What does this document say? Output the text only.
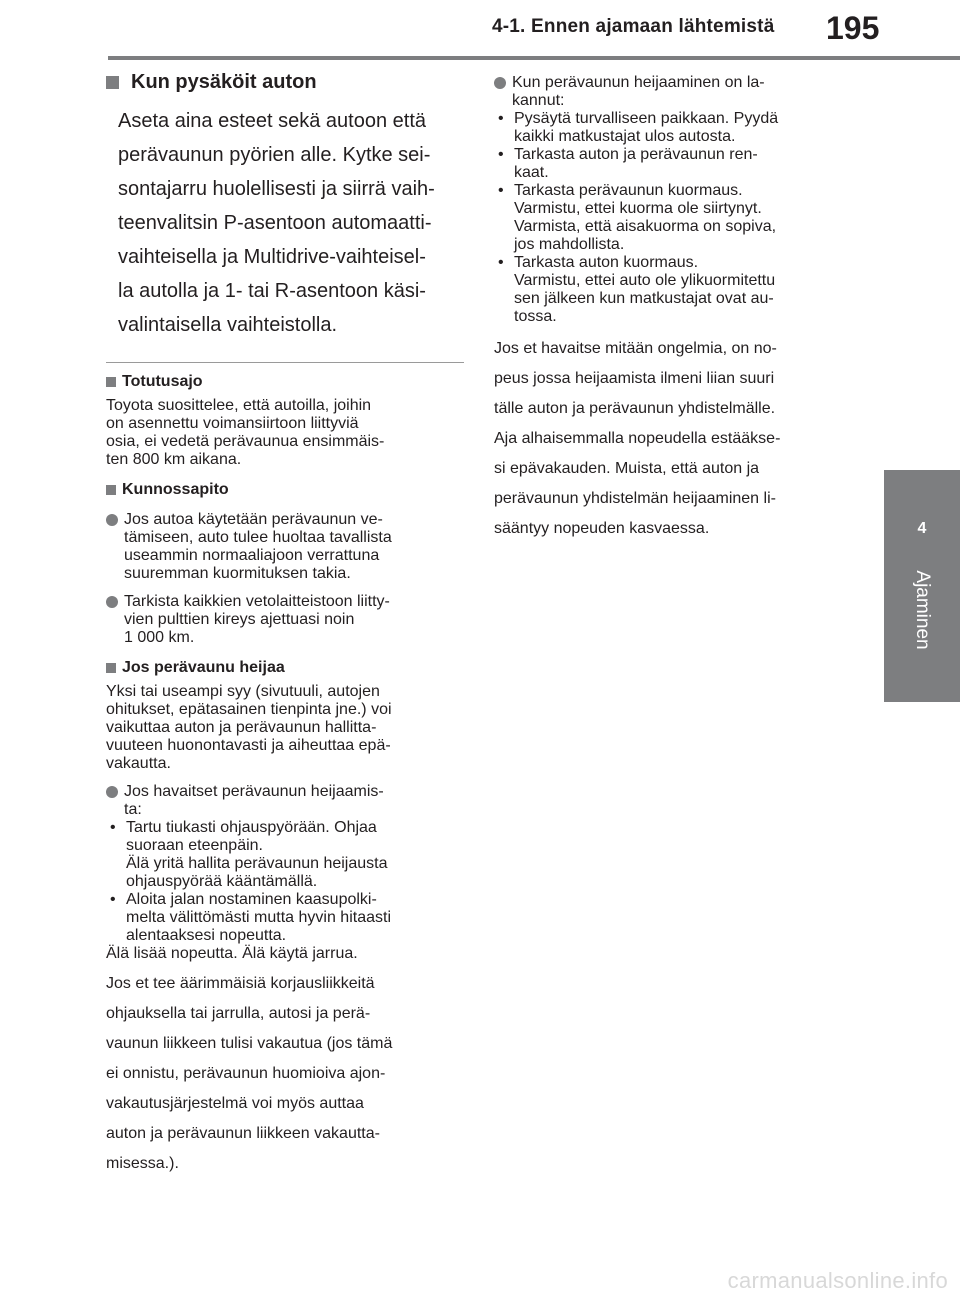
4-1. Ennen ajamaan lähtemistä 195
4
Ajaminen
Kun pysäköit auton

Aseta aina esteet sekä autoon että
perävaunun pyörien alle. Kytke sei-
sontajarru huolellisesti ja siirrä vaih-
teenvalitsin P-asentoon automaatti-
vaihteisella ja Multidrive-vaihteisel-
la autolla ja 1- tai R-asentoon käsi-
valintaisella vaihteistolla.

Totutusajo

Toyota suosittelee, että autoilla, joihin
on asennettu voimansiirtoon liittyviä
osia, ei vedetä perävaunua ensimmäis-
ten 800 km aikana.

Kunnossapito
Jos autoa käytetään perävaunun ve-
tämiseen, auto tulee huoltaa tavallista
useammin normaaliajoon verrattuna
suuremman kuormituksen takia.
Tarkista kaikkien vetolaitteistoon liitty-
vien pulttien kireys ajettuasi noin
1 000 km.
Jos perävaunu heijaa

Yksi tai useampi syy (sivutuuli, autojen
ohitukset, epätasainen tienpinta jne.) voi
vaikuttaa auton ja perävaunun hallitta-
vuuteen huonontavasti ja aiheuttaa epä-
vakautta.

Jos havaitset perävaunun heijaamis-
ta:
• Tartu tiukasti ohjauspyörään. Ohjaa
suoraan eteenpäin.
Älä yritä hallita perävaunun heijausta
ohjauspyörää kääntämällä.
• Aloita jalan nostaminen kaasupolki-
melta välittömästi mutta hyvin hitaasti
alentaaksesi nopeutta.

Älä lisää nopeutta. Älä käytä jarrua.

Jos et tee äärimmäisiä korjausliikkeitä
ohjauksella tai jarrulla, autosi ja perä-
vaunun liikkeen tulisi vakautua (jos tämä
ei onnistu, perävaunun huomioiva ajon-
vakautusjärjestelmä voi myös auttaa
auton ja perävaunun liikkeen vakautta-
misessa.).

Kun perävaunun heijaaminen on la-
kannut:
• Pysäytä turvalliseen paikkaan. Pyydä
kaikki matkustajat ulos autosta.
• Tarkasta auton ja perävaunun ren-
kaat.
• Tarkasta perävaunun kuormaus.
Varmistu, ettei kuorma ole siirtynyt.
Varmista, että aisakuorma on sopiva,
jos mahdollista.
• Tarkasta auton kuormaus.
Varmistu, ettei auto ole ylikuormitettu
sen jälkeen kun matkustajat ovat au-
tossa.

Jos et havaitse mitään ongelmia, on no-
peus jossa heijaamista ilmeni liian suuri
tälle auton ja perävaunun yhdistelmälle.
Aja alhaisemmalla nopeudella estääkse-
si epävakauden. Muista, että auton ja
perävaunun yhdistelmän heijaaminen li-
sääntyy nopeuden kasvaessa.

carmanualsonline.info
